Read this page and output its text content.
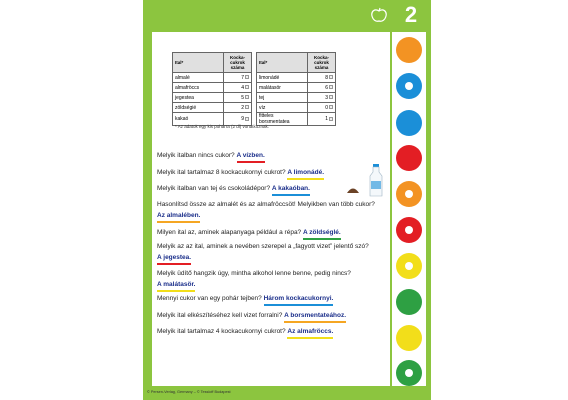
2
Ital*	Kocka-
cukrok
száma		Ital*	Kocka-
cukrok
száma
almalé	7		limonádé	8
almafröccs	4		malátasör	6
jegestea	5		tej	3
zöldségié	2		víz	0
kakaó	9		fitteles borsmentatea	1
* Az adatok egy kis pohárra (2 dl) vonatkoznak.
Melyik italban nincs cukor? A vízben.
Melyik ital tartalmaz 8 kockacukornyi cukrot? A limonádé.
Melyik italban van tej és csokoládépor? A kakaóban.
Hasonlítsd össze az almalét és az almafröccsöt! Melyikben van több cukor? Az almalében.
Milyen ital az, aminek alapanyaga például a répa? A zöldséglé.
Melyik az az ital, aminek a nevében szerepel a „fagyott vizet” jelentő szó? A jegestea.
Melyik üdítő hangzik úgy, mintha alkohol lenne benne, pedig nincs? A malátasör.
Mennyi cukor van egy pohár tejben? Három kockacukornyi.
Melyik ital elkészítéséhez kell vizet forralni? A borsmentateához.
Melyik ital tartalmaz 4 kockacukornyi cukrot? Az almafröccs.
© Persen-Verlag, Germany – © Tessloff Budapest
